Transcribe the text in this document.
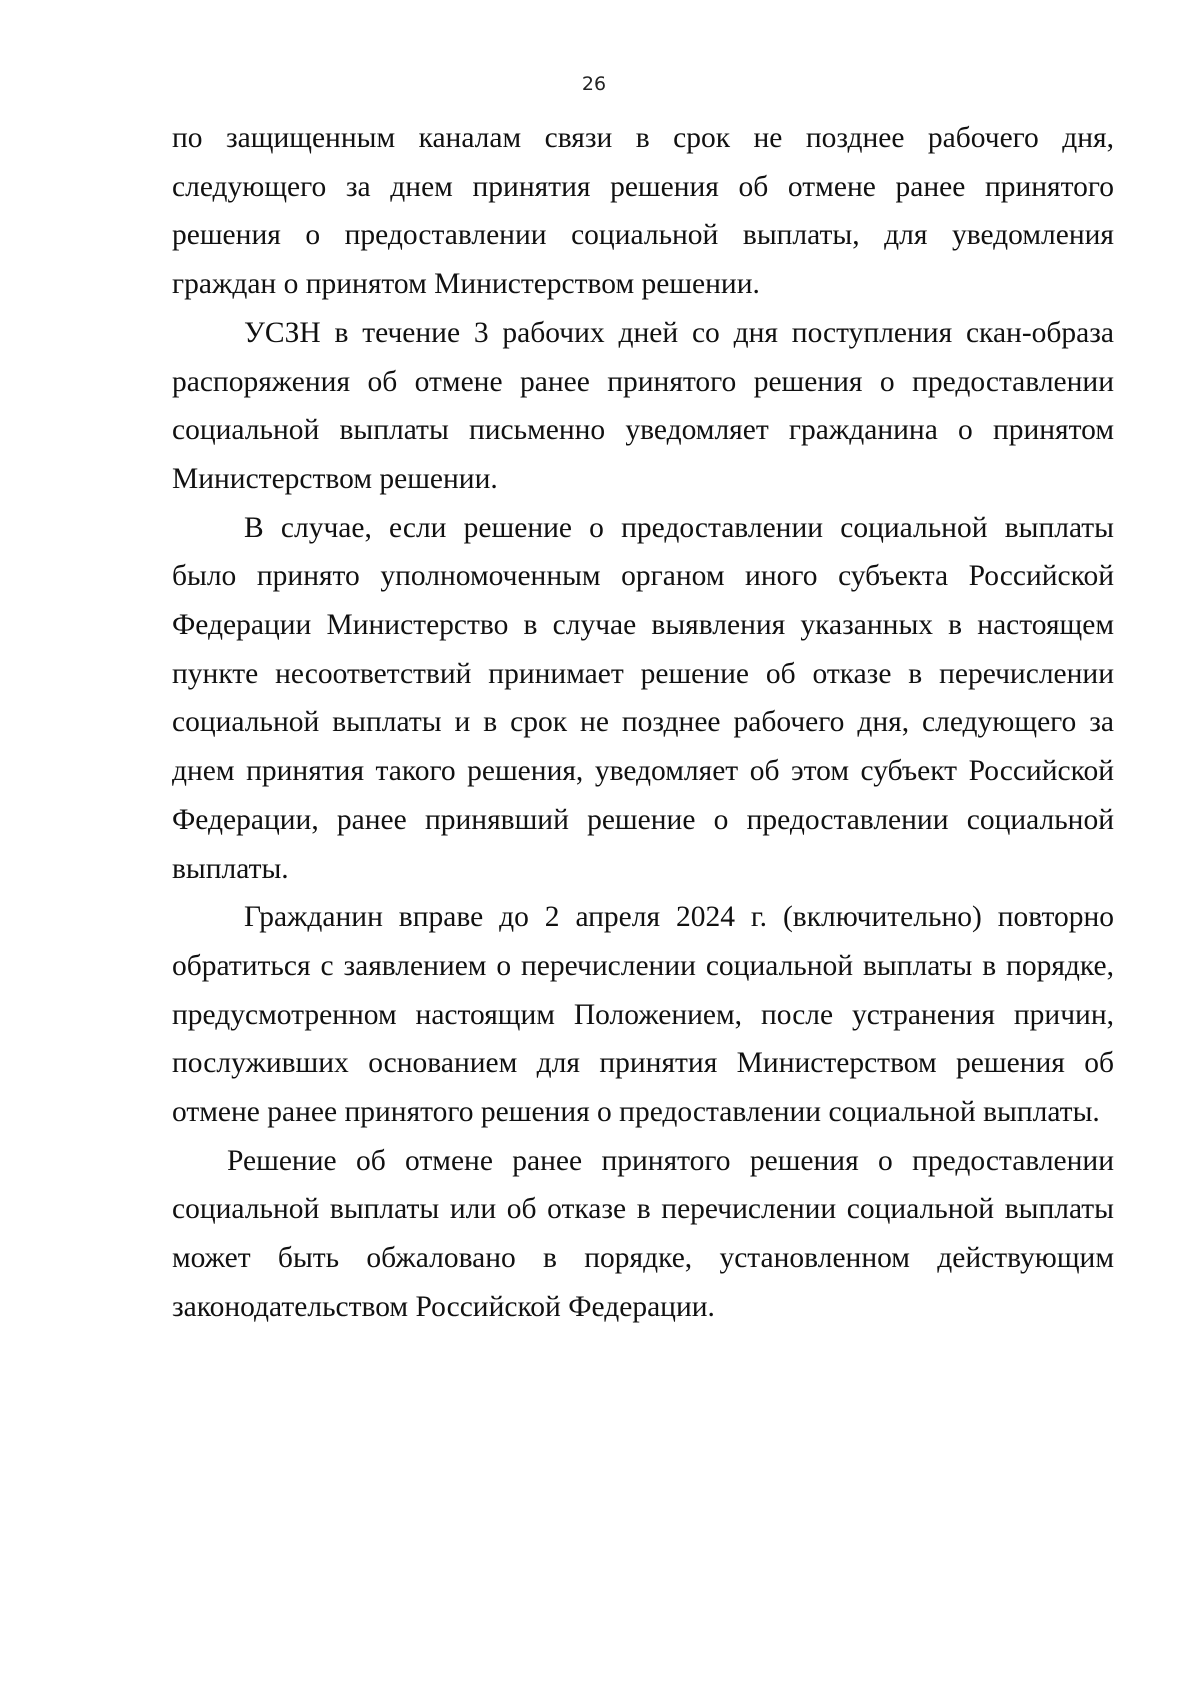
26

по защищенным каналам связи в срок не позднее рабочего дня, следующего за днем принятия решения об отмене ранее принятого решения о предоставлении социальной выплаты, для уведомления граждан о принятом Министерством решении.

УСЗН в течение 3 рабочих дней со дня поступления скан-образа распоряжения об отмене ранее принятого решения о предоставлении социальной выплаты письменно уведомляет гражданина о принятом Министерством решении.

В случае, если решение о предоставлении социальной выплаты было принято уполномоченным органом иного субъекта Российской Федерации Министерство в случае выявления указанных в настоящем пункте несоответствий принимает решение об отказе в перечислении социальной выплаты и в срок не позднее рабочего дня, следующего за днем принятия такого решения, уведомляет об этом субъект Российской Федерации, ранее принявший решение о предоставлении социальной выплаты.

Гражданин вправе до 2 апреля 2024 г. (включительно) повторно обратиться с заявлением о перечислении социальной выплаты в порядке, предусмотренном настоящим Положением, после устранения причин, послуживших основанием для принятия Министерством решения об отмене ранее принятого решения о предоставлении социальной выплаты.

Решение об отмене ранее принятого решения о предоставлении социальной выплаты или об отказе в перечислении социальной выплаты может быть обжаловано в порядке, установленном действующим законодательством Российской Федерации.
